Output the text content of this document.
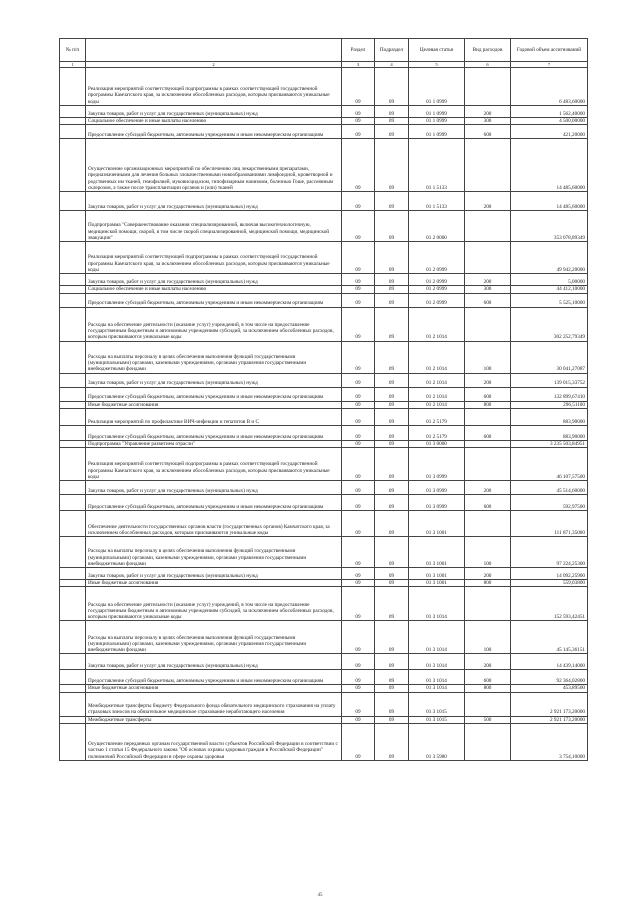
№ п/п		Раздел	Подраздел	Целевая статья	Вид расходов	Годовой объем ассигнований
1	2	3	4	5	6	7
	Реализация мероприятий соответствующей подпрограммы в рамках соответствующей государственной программы Камчатского края, за исключением обособленных расходов, которым присваиваются уникальные коды	09	09	01 1 0999		6 483,60000
	Закупка товаров, работ и услуг для государственных (муниципальных) нужд	09	09	01 1 0999	200	1 562,40000
	Социальное обеспечение и иные выплаты населению	09	09	01 1 0999	300	4 500,00000
	Предоставление субсидий бюджетным, автономным учреждениям и иным некоммерческим организациям	09	09	01 1 0999	600	421,20000
	Осуществление организационных мероприятий по обеспечению лиц лекарственными препаратами, предназначенными для лечения больных злокачественными новообразованиями лимфоидной, кроветворной и родственных им тканей, гемофилией, муковисцидозом, гипофизарным нанизмом, болезнью Гоше, рассеянным склерозом, а также после трансплантации органов и (или) тканей	09	09	01 1 5133		14 485,60000
	Закупка товаров, работ и услуг для государственных (муниципальных) нужд	09	09	01 1 5133	200	14 485,60000
	Подпрограмма "Совершенствование оказания специализированной, включая высокотехнологичную, медицинской помощи, скорой, в том числе скорой специализированной, медицинской помощи, медицинской эвакуации"	09	09	01 2 0000		353 078,89349
	Реализация мероприятий соответствующей подпрограммы в рамках соответствующей государственной программы Камчатского края, за исключением обособленных расходов, которым присваиваются уникальные коды	09	09	01 2 0999		49 942,20000
	Закупка товаров, работ и услуг для государственных (муниципальных) нужд	09	09	01 2 0999	200	5,00000
	Социальное обеспечение и иные выплаты населению	09	09	01 2 0999	300	44 412,10000
	Предоставление субсидий бюджетным, автономным учреждениям и иным некоммерческим организациям	09	09	01 2 0999	600	5 525,10000
	Расходы на обеспечение деятельности (оказание услуг) учреждений, в том числе на предоставление государственным бюджетным и автономным учреждениям субсидий, за исключением обособленных расходов, которым присваиваются уникальные коды	09	09	01 2 1014		302 252,79349
	Расходы на выплаты персоналу в целях обеспечения выполнения функций государственными (муниципальными) органами, казенными учреждениями, органами управления государственными внебюджетными фондами	09	09	01 2 1014	100	30 041,27087
	Закупка товаров, работ и услуг для государственных (муниципальных) нужд	09	09	01 2 1014	200	139 015,33752
	Предоставление субсидий бюджетным, автономным учреждениям и иным некоммерческим организациям	09	09	01 2 1014	600	132 899,67410
	Иные бюджетные ассигнования	09	09	01 2 1014	800	296,51100
	Реализация мероприятий по профилактике ВИЧ-инфекции и гепатитов B и C	09	09	01 2 5179		883,90000
	Предоставление субсидий бюджетным, автономным учреждениям и иным некоммерческим организациям	09	09	01 2 5179	600	883,90000
	Подпрограмма "Управление развитием отрасли"	09	09	01 3 0000		3 235 503,84951
	Реализация мероприятий соответствующей подпрограммы в рамках соответствующей государственной программы Камчатского края, за исключением обособленных расходов, которым присваиваются уникальные коды	09	09	01 3 0999		46 107,57500
	Закупка товаров, работ и услуг для государственных (муниципальных) нужд	09	09	01 3 0999	200	45 514,60000
	Предоставление субсидий бюджетным, автономным учреждениям и иным некоммерческим организациям	09	09	01 3 0999	600	592,97500
	Обеспечение деятельности государственных органов власти (государственных органов) Камчатского края, за исключением обособленных расходов, которым присваиваются уникальные коды	09	09	01 3 1001		111 871,35000
	Расходы на выплаты персоналу в целях обеспечения выполнения функций государственными (муниципальными) органами, казенными учреждениями, органами управления государственными внебюджетными фондами	09	09	01 3 1001	100	97 224,25300
	Закупка товаров, работ и услуг для государственных (муниципальных) нужд	09	09	01 3 1001	200	14 092,25900
	Иные бюджетные ассигнования	09	09	01 3 1001	800	559,03800
	Расходы на обеспечение деятельности (оказание услуг) учреждений, в том числе на предоставление государственным бюджетным и автономным учреждениям субсидий, за исключением обособленных расходов, которым присваиваются уникальные коды	09	09	01 3 1014		152 593,42451
	Расходы на выплаты персоналу в целях обеспечения выполнения функций государственными (муниципальными) органами, казенными учреждениями, органами управления государственными внебюджетными фондами	09	09	01 3 1014	100	45 145,36151
	Закупка товаров, работ и услуг для государственных (муниципальных) нужд	09	09	01 3 1014	200	14 439,14000
	Предоставление субсидий бюджетным, автономным учреждениям и иным некоммерческим организациям	09	09	01 3 1014	600	92 364,02800
	Иные бюджетные ассигнования	09	09	01 3 1014	800	453,89500
	Межбюджетные трансферты бюджету Федерального фонда обязательного медицинского страхования на уплату страховых взносов на обязательное медицинское страхование неработающего населения	09	09	01 3 1015		2 921 173,20000
	Межбюджетные трансферты	09	09	01 3 1015	500	2 921 173,20000
	Осуществление переданных органам государственной власти субъектов Российской Федерации в соответствии с частью 1 статьи 15 Федерального закона "Об основах охраны здоровья граждан в Российской Федерации" полномочий Российской Федерации в сфере охраны здоровья	09	09	01 3 5980		3 754,10000
45
